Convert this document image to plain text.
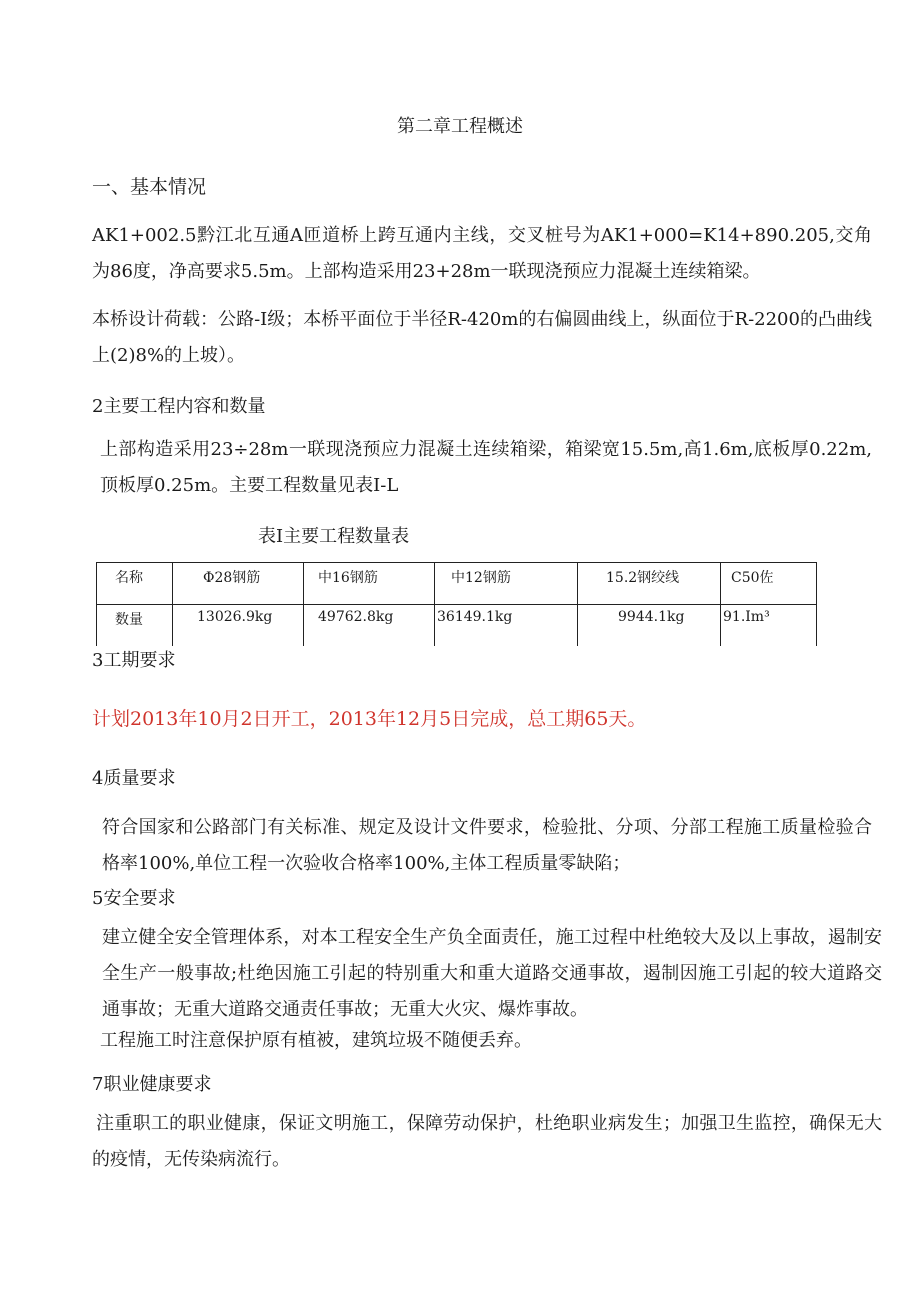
第二章工程概述
一、基本情况
AK1+002.5黔江北互通A匝道桥上跨互通内主线，交叉桩号为AK1+000=K14+890.205,交角为86度，净高要求5.5m。上部构造采用23+28m一联现浇预应力混凝土连续箱梁。
本桥设计荷载：公路-I级；本桥平面位于半径R-420m的右偏圆曲线上，纵面位于R-2200的凸曲线上(2)8%的上坡）。
2主要工程内容和数量
上部构造采用23÷28m一联现浇预应力混凝土连续箱梁，箱梁宽15.5m,高1.6m,底板厚0.22m,顶板厚0.25m。主要工程数量见表I-L
表I主要工程数量表
名称	Φ28钢筋	中16钢筋	中12钢筋	15.2钢绞线	C50佐
数量	13026.9kg	49762.8kg	36149.1kg	9944.1kg	91.Im³
3工期要求
计划2013年10月2日开工，2013年12月5日完成，总工期65天。
4质量要求
符合国家和公路部门有关标准、规定及设计文件要求，检验批、分项、分部工程施工质量检验合格率100%,单位工程一次验收合格率100%,主体工程质量零缺陷；
5安全要求
建立健全安全管理体系，对本工程安全生产负全面责任，施工过程中杜绝较大及以上事故，遏制安全生产一般事故;杜绝因施工引起的特别重大和重大道路交通事故，遏制因施工引起的较大道路交通事故；无重大道路交通责任事故；无重大火灾、爆炸事故。
工程施工时注意保护原有植被，建筑垃圾不随便丢弃。
7职业健康要求
注重职工的职业健康，保证文明施工，保障劳动保护，杜绝职业病发生；加强卫生监控，确保无大的疫情，无传染病流行。
